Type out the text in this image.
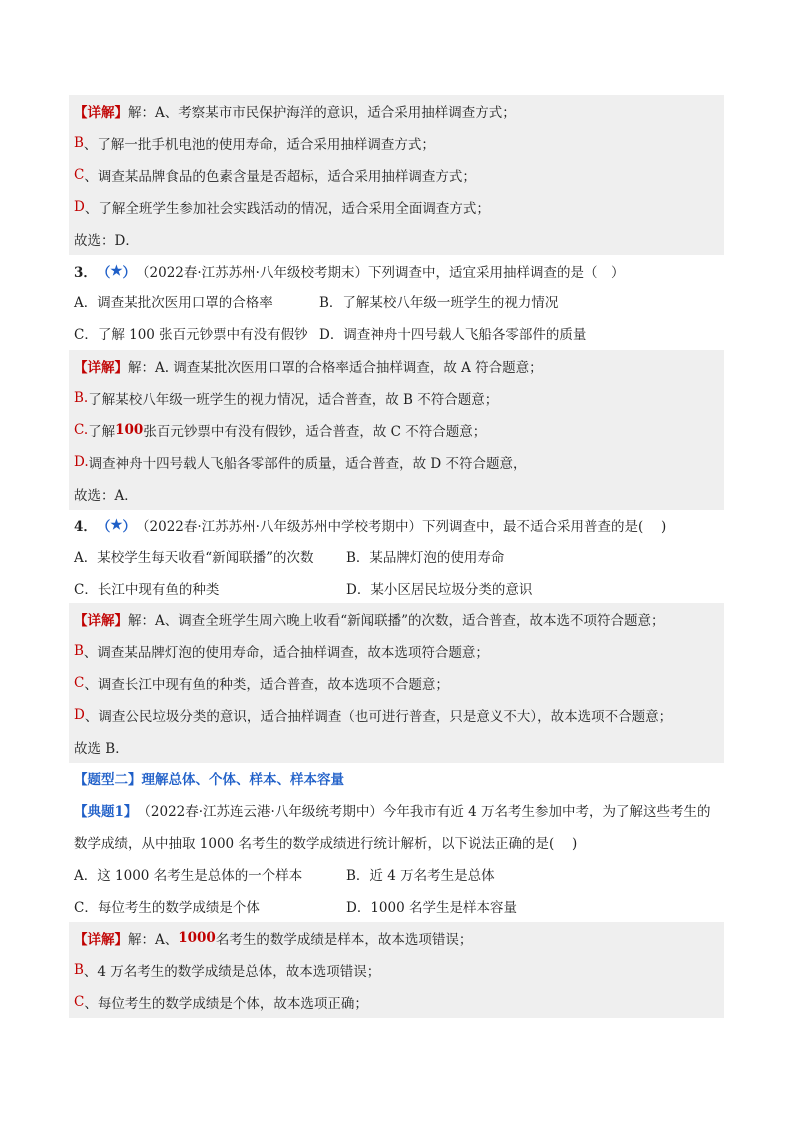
【详解】 解：A、考察某市市民保护海洋的意识，适合采用抽样调查方式；
B 、了解一批手机电池的使用寿命，适合采用抽样调查方式；
C 、调查某品牌食品的色素含量是否超标，适合采用抽样调查方式；
D 、了解全班学生参加社会实践活动的情况，适合采用全面调查方式；
故选：D．
3． （ ★ ） （2022春·江苏苏州·八年级校考期末）下列调查中，适宜采用抽样调查的是（　）
A．调查某批次医用口罩的合格率	B．了解某校八年级一班学生的视力情况
C．了解 100 张百元钞票中有没有假钞 D．调查神舟十四号载人飞船各零部件的质量
【详解】 解：A. 调查某批次医用口罩的合格率适合抽样调查，故 A 符合题意；
B. 了解某校八年级一班学生的视力情况，适合普查，故 B 不符合题意；
C. 了解 100 张百元钞票中有没有假钞，适合普查，故 C 不符合题意；
D. 调查神舟十四号载人飞船各零部件的质量，适合普查，故 D 不符合题意，
故选：A．
4． （ ★ ） （2022春·江苏苏州·八年级苏州中学校考期中）下列调查中，最不适合采用普查的是(　 )
A．某校学生每天收看“新闻联播”的次数 B．某品牌灯泡的使用寿命
C．长江中现有鱼的种类	D．某小区居民垃圾分类的意识
【详解】 解：A、调查全班学生周六晚上收看“新闻联播”的次数，适合普查，故本选不项符合题意；
B 、调查某品牌灯泡的使用寿命，适合抽样调查，故本选项符合题意；
C 、调查长江中现有鱼的种类，适合普查，故本选项不合题意；
D 、调查公民垃圾分类的意识，适合抽样调查（也可进行普查，只是意义不大），故本选项不合题意；
故选 B．
【题型二】理解总体、个体、样本、样本容量
【典题1】 （2022春·江苏连云港·八年级统考期中）今年我市有近 4 万名考生参加中考，为了解这些考生的
数学成绩，从中抽取 1000 名考生的数学成绩进行统计解析，以下说法正确的是(　 )
A．这 1000 名考生是总体的一个样本	B．近 4 万名考生是总体
C．每位考生的数学成绩是个体	D．1000 名学生是样本容量
【详解】 解：A、 1000 名考生的数学成绩是样本，故本选项错误；
B 、4 万名考生的数学成绩是总体，故本选项错误；
C 、每位考生的数学成绩是个体，故本选项正确；
